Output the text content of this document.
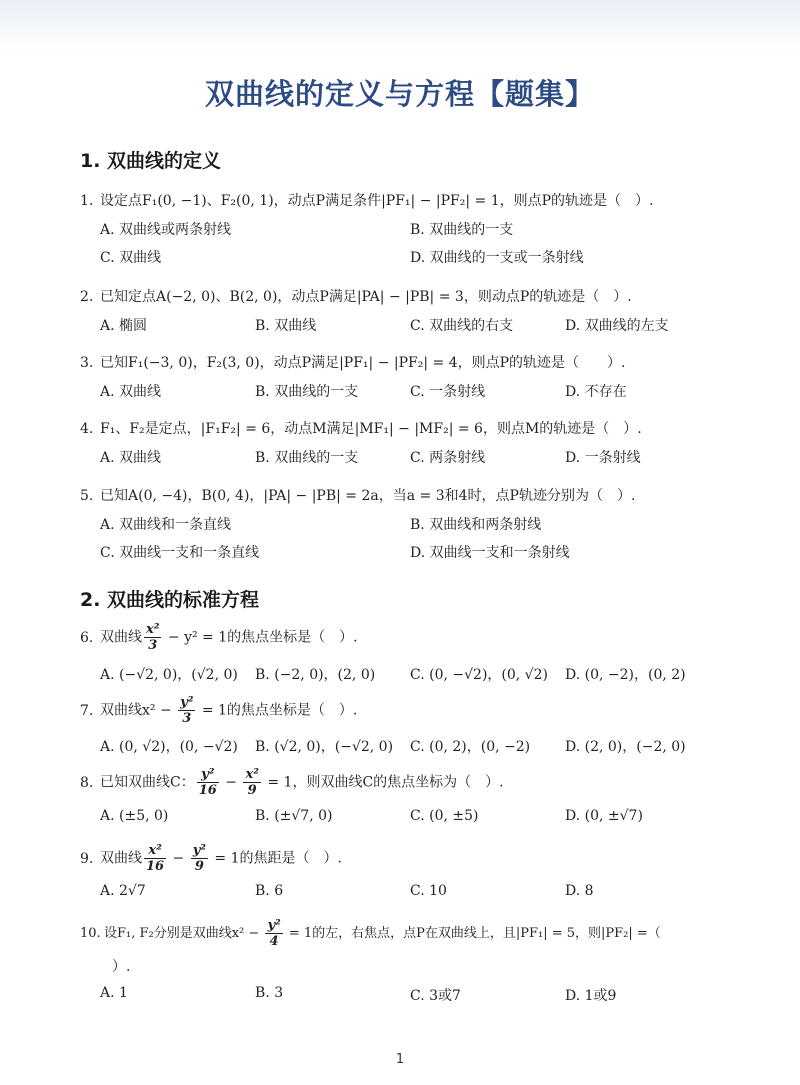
双曲线的定义与方程【题集】
1. 双曲线的定义
1. 设定点F₁(0, −1)、F₂(0, 1)，动点P满足条件|PF₁| − |PF₂| = 1，则点P的轨迹是（　）.
A. 双曲线或两条射线	B. 双曲线的一支
C. 双曲线	D. 双曲线的一支或一条射线
2. 已知定点A(−2, 0)、B(2, 0)，动点P满足|PA| − |PB| = 3，则动点P的轨迹是（　）.
A. 椭圆	B. 双曲线	C. 双曲线的右支	D. 双曲线的左支
3. 已知F₁(−3, 0)，F₂(3, 0)，动点P满足|PF₁| − |PF₂| = 4，则点P的轨迹是（　　）.
A. 双曲线	B. 双曲线的一支	C. 一条射线	D. 不存在
4. F₁、F₂是定点，|F₁F₂| = 6，动点M满足|MF₁| − |MF₂| = 6，则点M的轨迹是（　）.
A. 双曲线	B. 双曲线的一支	C. 两条射线	D. 一条射线
5. 已知A(0, −4)，B(0, 4)，|PA| − |PB| = 2a，当a = 3和4时，点P轨迹分别为（　）.
A. 双曲线和一条直线	B. 双曲线和两条射线
C. 双曲线一支和一条直线	D. 双曲线一支和一条射线
2. 双曲线的标准方程
6. 双曲线 $\frac{\text{x²}}{3} - y^2 = 1$的焦点坐标是（　）.
A. (−√2, 0)，(√2, 0) B. (−2, 0)，(2, 0) C. (0, −√2)，(0, √2) D. (0, −2)，(0, 2)
7. 双曲线$x^2 - \frac{\text{y²}}{3} = 1$的焦点坐标是（　）.
A. (0, √2)，(0, −√2) B. (√2, 0)，(−√2, 0) C. (0, 2)，(0, −2) D. (2, 0)，(−2, 0)
8. 已知双曲线C： $\frac{\text{y²}}{16} - \frac{\text{x²}}{9} = 1$，则双曲线C的焦点坐标为（　）.
A. (±5, 0)	B. (±√7, 0)	C. (0, ±5)	D. (0, ±√7)
9. 双曲线 $\frac{\text{x²}}{16} - \frac{\text{y²}}{9} = 1$的焦距是（　）.
A. 2√7	B. 6	C. 10	D. 8
10. 设F₁, F₂分别是双曲线$x^2 - \frac{\text{y²}}{4} = 1$的左，右焦点，点P在双曲线上，且|PF₁| = 5，则|PF₂| =（
）.
A. 1	B. 3	C. 3或7	D. 1或9
1
